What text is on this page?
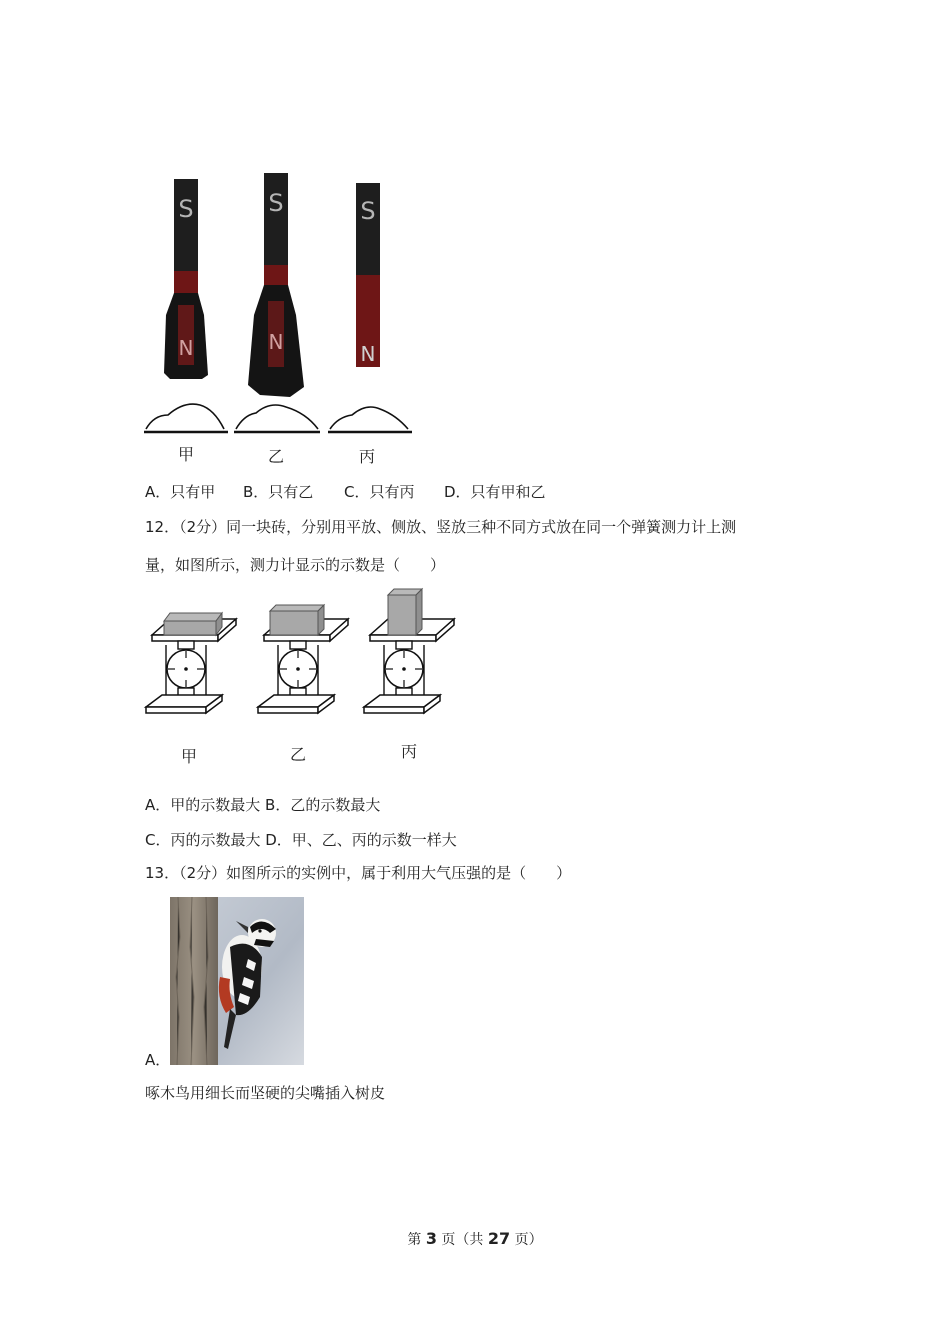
S
N
S
N
S
N
甲	乙	丙
A．只有甲 B．只有乙 C．只有丙 D．只有甲和乙
12．（2分）同一块砖，分别用平放、侧放、竖放三种不同方式放在同一个弹簧测力计上测
量，如图所示，测力计显示的示数是（　　）
甲	乙	丙
A．甲的示数最大 B．乙的示数最大
C．丙的示数最大 D．甲、乙、丙的示数一样大
13．（2分）如图所示的实例中，属于利用大气压强的是（　　）
A．
啄木鸟用细长而坚硬的尖嘴插入树皮
第 3 页（共 27 页）
